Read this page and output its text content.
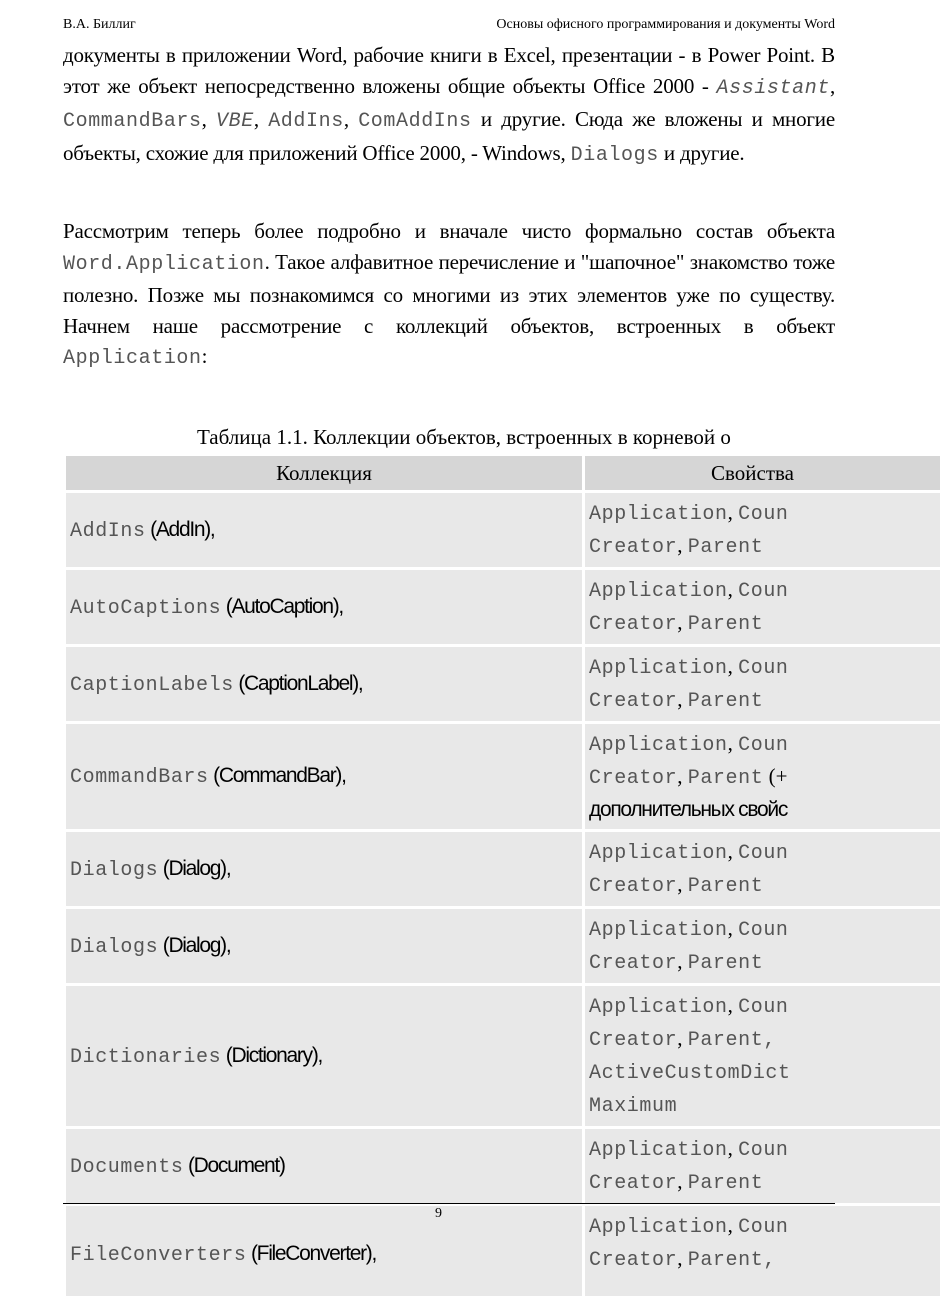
В.А. Биллиг	Основы офисного программирования и документы Word
документы в приложении Word, рабочие книги в Excel, презентации - в Power Point. В этот же объект непосредственно вложены общие объекты Office 2000 - Assistant, CommandBars, VBE, AddIns, ComAddIns и другие. Сюда же вложены и многие объекты, схожие для приложений Office 2000, - Windows, Dialogs и другие.
Рассмотрим теперь более подробно и вначале чисто формально состав объекта Word.Application. Такое алфавитное перечисление и "шапочное" знакомство тоже полезно. Позже мы познакомимся со многими из этих элементов уже по существу. Начнем наше рассмотрение с коллекций объектов, встроенных в объект Application:
Таблица 1.1. Коллекции объектов, встроенных в корневой о
Коллекция	Свойства
AddIns (AddIn),	Application, Coun
Creator, Parent
AutoCaptions (AutoCaption),	Application, Coun
Creator, Parent
CaptionLabels (CaptionLabel),	Application, Coun
Creator, Parent
CommandBars (CommandBar),	Application, Coun
Creator, Parent (+
дополнительных свойс
Dialogs (Dialog),	Application, Coun
Creator, Parent
Dialogs (Dialog),	Application, Coun
Creator, Parent
Dictionaries (Dictionary),	Application, Coun
Creator, Parent,
ActiveCustomDict
Maximum
Documents (Document)	Application, Coun
Creator, Parent
FileConverters (FileConverter),	Application, Coun
Creator, Parent,
9
